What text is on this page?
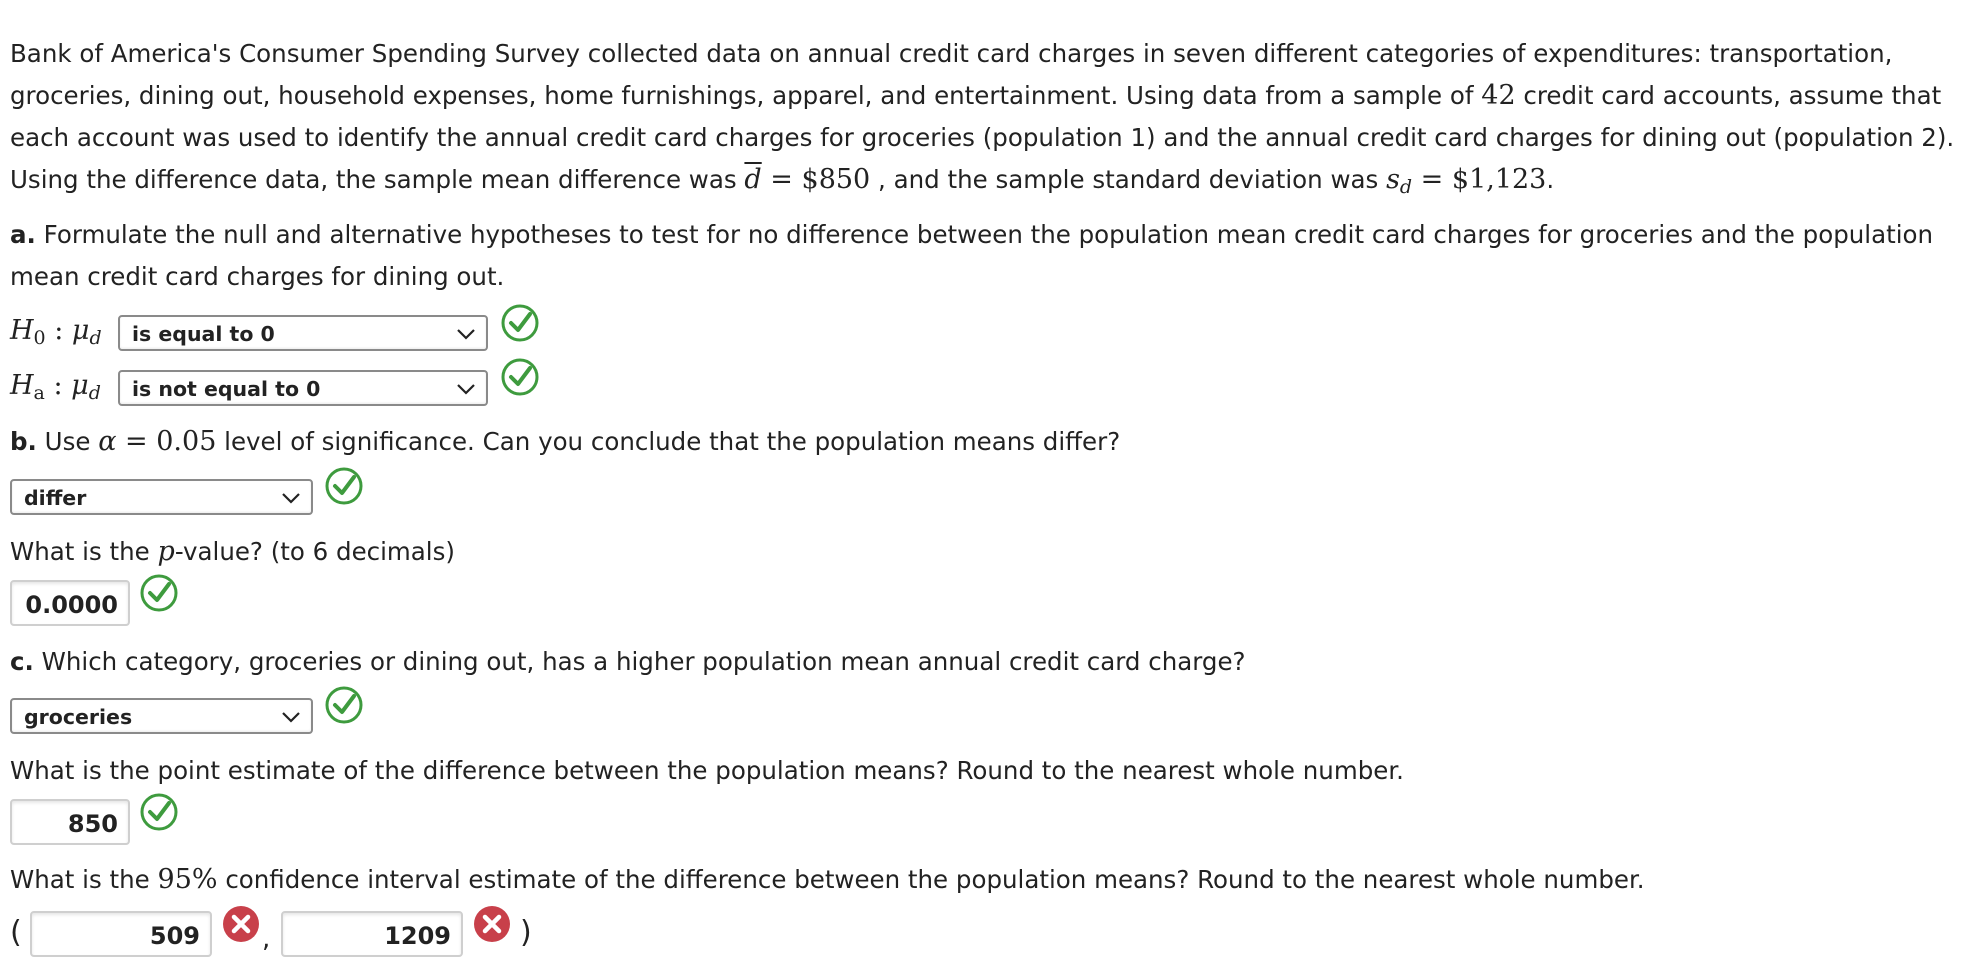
Bank of America's Consumer Spending Survey collected data on annual credit card charges in seven different categories of expenditures: transportation,
groceries, dining out, household expenses, home furnishings, apparel, and entertainment. Using data from a sample of 42 credit card accounts, assume that
each account was used to identify the annual credit card charges for groceries (population 1) and the annual credit card charges for dining out (population 2).
Using the difference data, the sample mean difference was $\overline{d}$ = $850 , and the sample standard deviation was $s_d$ = $1,123.
a. Formulate the null and alternative hypotheses to test for no difference between the population mean credit card charges for groceries and the population
mean credit card charges for dining out.
$H_0$ : $\mu_d$ is equal to 0
$H_a$ : $\mu_d$ is not equal to 0
b. Use α = 0.05 level of significance. Can you conclude that the population means differ?
differ
What is the p-value? (to 6 decimals)
0.0000
c. Which category, groceries or dining out, has a higher population mean annual credit card charge?
groceries
What is the point estimate of the difference between the population means? Round to the nearest whole number.
850
What is the 95% confidence interval estimate of the difference between the population means? Round to the nearest whole number.
(	509 ,	1209 )
